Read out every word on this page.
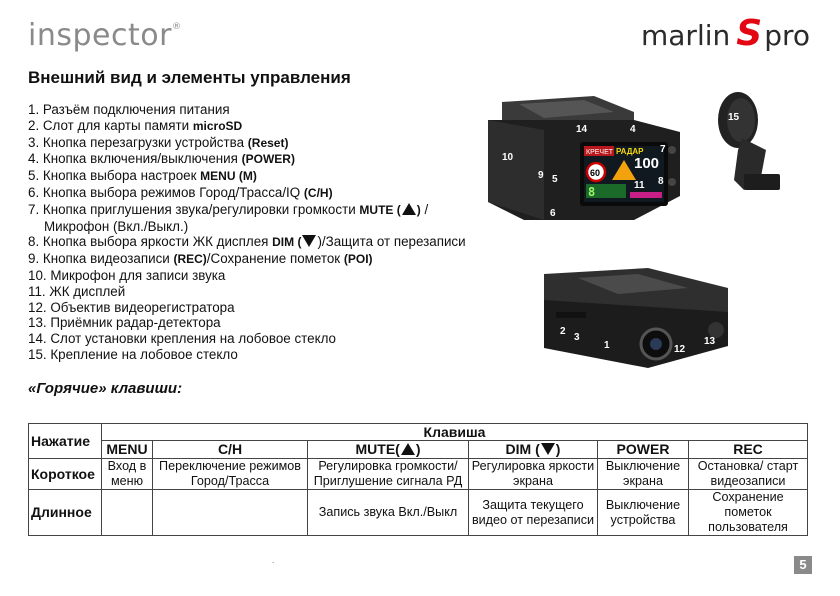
inspector®	marlin S pro
Внешний вид и элементы управления
1. Разъём подключения питания
2. Слот для карты памяти microSD
3. Кнопка перезагрузки устройства (Reset)
4. Кнопка включения/выключения (POWER)
5. Кнопка выбора настроек MENU (M)
6. Кнопка выбора режимов Город/Трасса/IQ (C/H)
7. Кнопка приглушения звука/регулировки громкости MUTE ( ) /
Микрофон (Вкл./Выкл.)
8. Кнопка выбора яркости ЖК дисплея DIM ( )/Защита от перезаписи
9. Кнопка видеозаписи (REC)/Сохранение пометок (POI)
10. Микрофон для записи звука
11. ЖК дисплей
12. Объектив видеорегистратора
13. Приёмник радар-детектора
14. Слот установки крепления на лобовое стекло
15. Крепление на лобовое стекло
КРЕЧЕТ РАДАР
100
60
8
14	4
10
7
9 5	8
11
6
15
2
3
1	12
13
«Горячие» клавиши:
Нажатие	Клавиша					
	MENU	C/H	MUTE( )	DIM ( )	POWER	REC
Короткое	Вход в меню	Переключение режимов Город/Трасса	Регулировка громкости/ Приглушение сигнала РД	Регулировка яркости экрана	Выключение экрана	Остановка/ старт видеозаписи
Длинное			Запись звука Вкл./Выкл	Защита текущего видео от перезаписи	Выключение устройства	Сохранение пометок пользователя
.	5
